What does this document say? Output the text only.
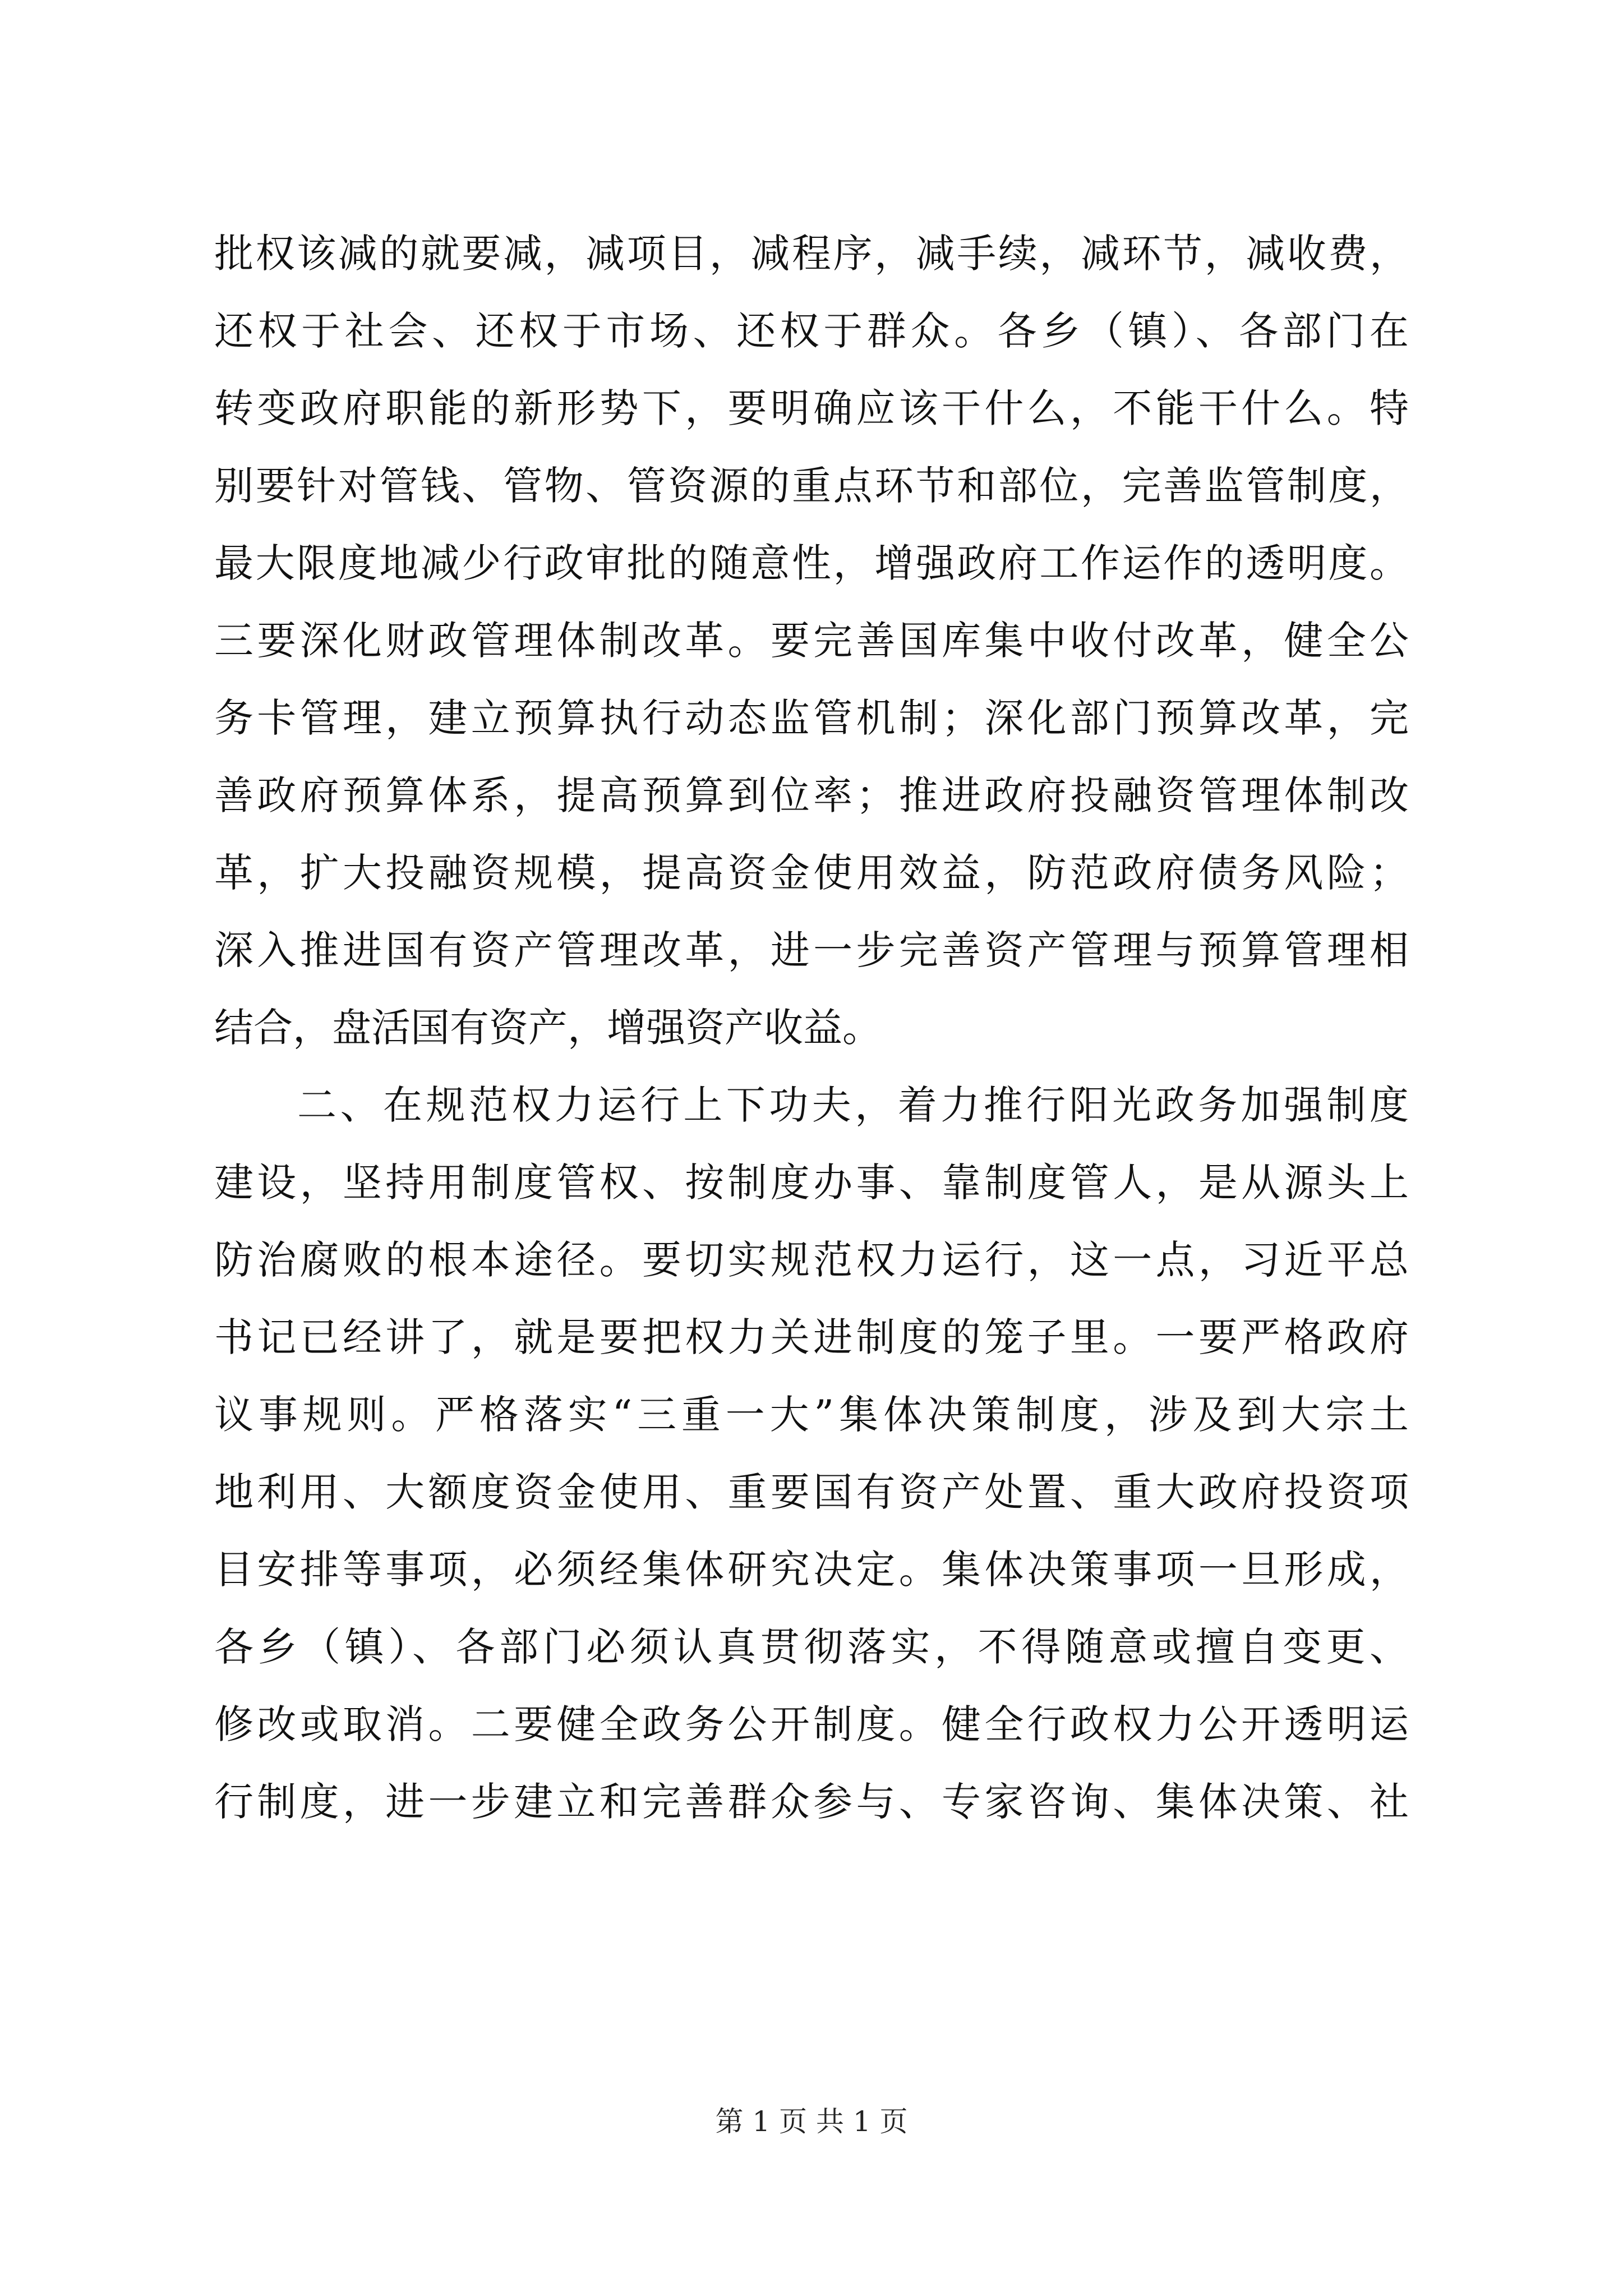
批权该减的就要减，减项目，减程序，减手续，减环节，减收费，
还权于社会、还权于市场、还权于群众。各乡（镇）、各部门在
转变政府职能的新形势下，要明确应该干什么，不能干什么。特
别要针对管钱、管物、管资源的重点环节和部位，完善监管制度，
最大限度地减少行政审批的随意性，增强政府工作运作的透明度。
三要深化财政管理体制改革。要完善国库集中收付改革，健全公
务卡管理，建立预算执行动态监管机制；深化部门预算改革，完
善政府预算体系，提高预算到位率；推进政府投融资管理体制改
革，扩大投融资规模，提高资金使用效益，防范政府债务风险；
深入推进国有资产管理改革，进一步完善资产管理与预算管理相
结合，盘活国有资产，增强资产收益。
二、在规范权力运行上下功夫，着力推行阳光政务加强制度
建设，坚持用制度管权、按制度办事、靠制度管人，是从源头上
防治腐败的根本途径。要切实规范权力运行，这一点，习近平总
书记已经讲了，就是要把权力关进制度的笼子里。一要严格政府
议事规则。严格落实“三重一大”集体决策制度，涉及到大宗土
地利用、大额度资金使用、重要国有资产处置、重大政府投资项
目安排等事项，必须经集体研究决定。集体决策事项一旦形成，
各乡（镇）、各部门必须认真贯彻落实，不得随意或擅自变更、
修改或取消。二要健全政务公开制度。健全行政权力公开透明运
行制度，进一步建立和完善群众参与、专家咨询、集体决策、社
第 1 页 共 1 页
